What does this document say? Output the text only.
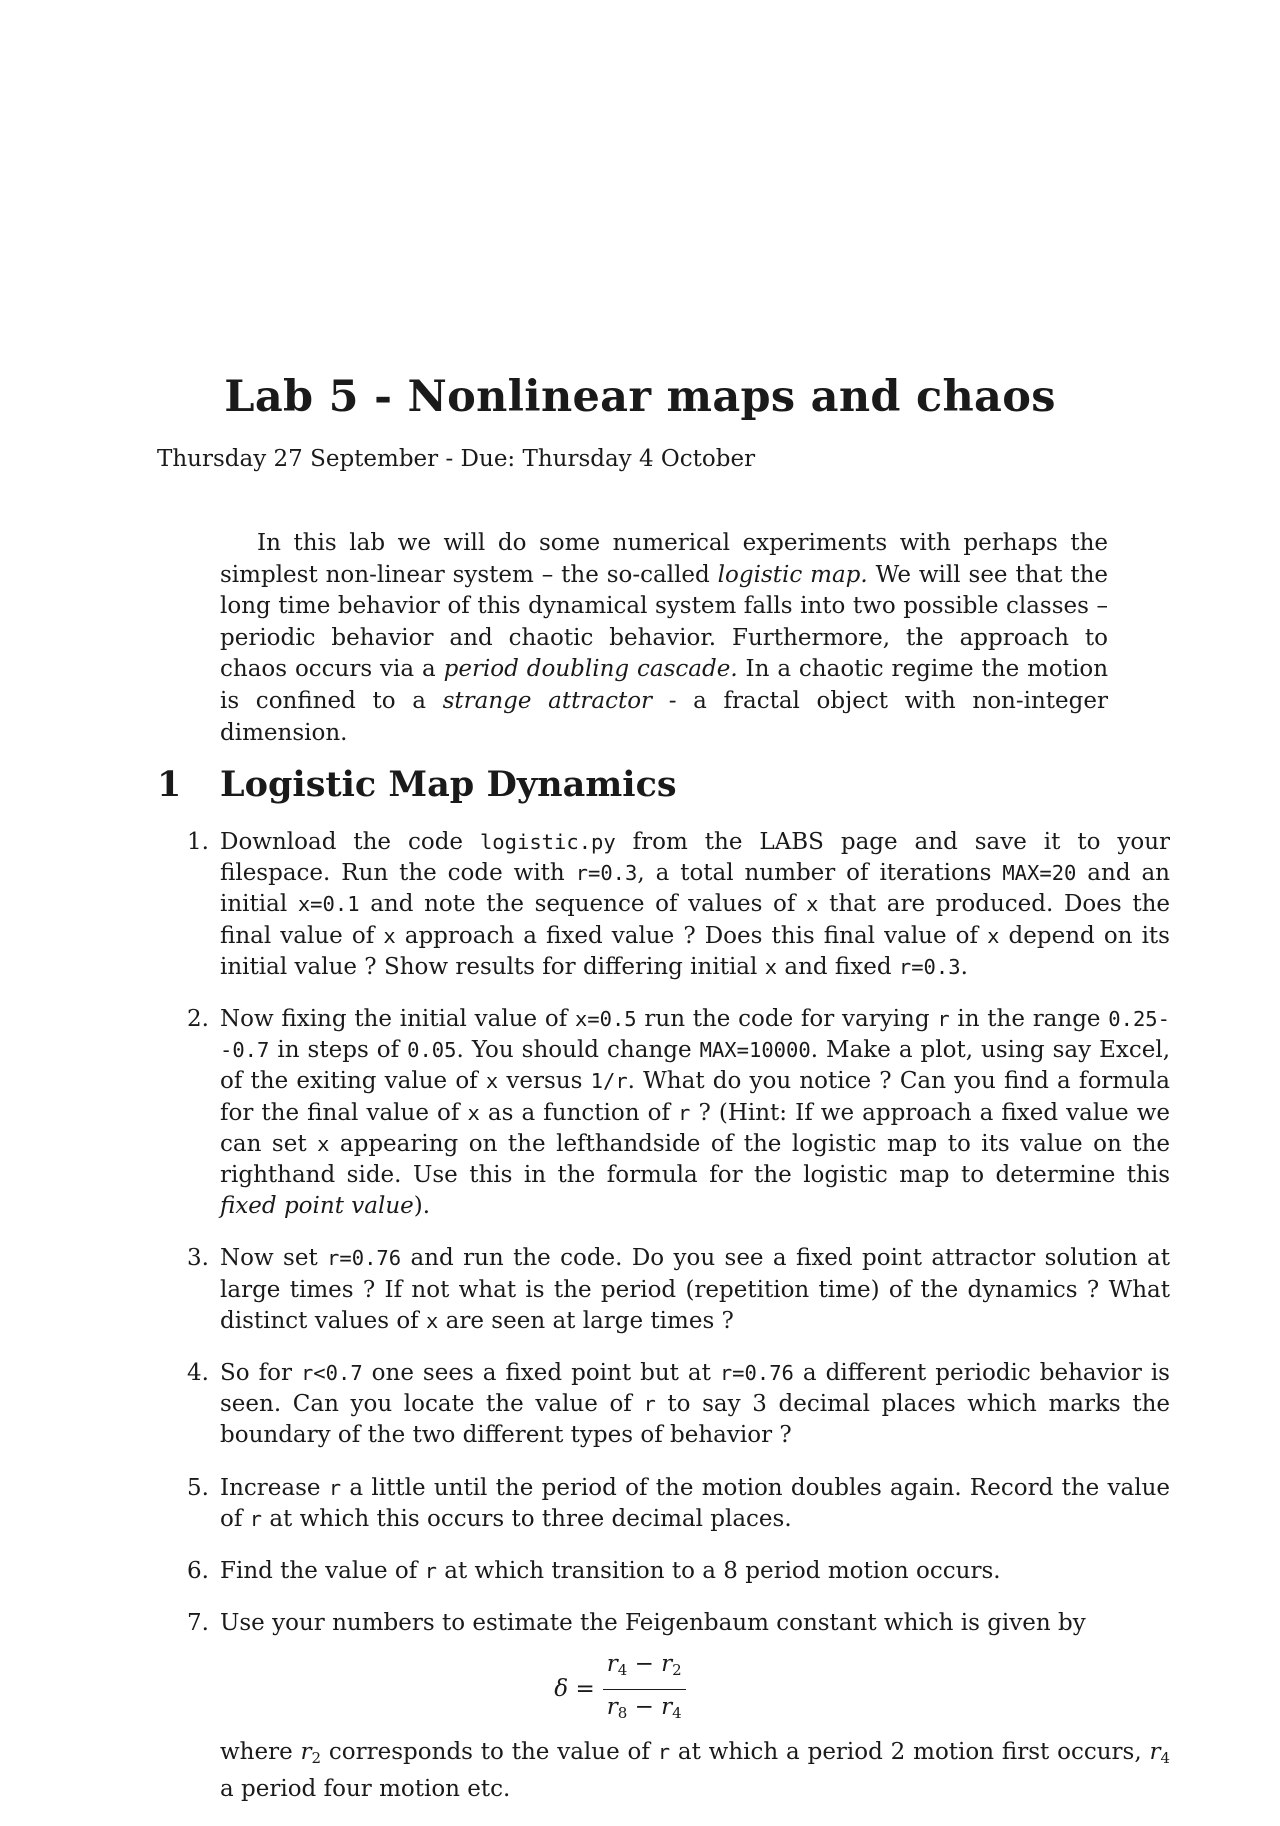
Lab 5 - Nonlinear maps and chaos
Thursday 27 September - Due: Thursday 4 October

In this lab we will do some numerical experiments with perhaps the simplest non-linear system – the so-called logistic map. We will see that the long time behavior of this dynamical system falls into two possible classes – periodic behavior and chaotic behavior. Furthermore, the approach to chaos occurs via a period doubling cascade. In a chaotic regime the motion is confined to a strange attractor - a fractal object with non-integer dimension.

1 Logistic Map Dynamics
1. Download the code logistic.py from the LABS page and save it to your filespace. Run the code with r=0.3, a total number of iterations MAX=20 and an initial x=0.1 and note the sequence of values of x that are produced. Does the final value of x approach a fixed value ? Does this final value of x depend on its initial value ? Show results for differing initial x and fixed r=0.3.
2. Now fixing the initial value of x=0.5 run the code for varying r in the range 0.25--0.7 in steps of 0.05. You should change MAX=10000. Make a plot, using say Excel, of the exiting value of x versus 1/r. What do you notice ? Can you find a formula for the final value of x as a function of r ? (Hint: If we approach a fixed value we can set x appearing on the lefthandside of the logistic map to its value on the righthand side. Use this in the formula for the logistic map to determine this fixed point value).
3. Now set r=0.76 and run the code. Do you see a fixed point attractor solution at large times ? If not what is the period (repetition time) of the dynamics ? What distinct values of x are seen at large times ?
4. So for r<0.7 one sees a fixed point but at r=0.76 a different periodic behavior is seen. Can you locate the value of r to say 3 decimal places which marks the boundary of the two different types of behavior ?
5. Increase r a little until the period of the motion doubles again. Record the value of r at which this occurs to three decimal places.
6. Find the value of r at which transition to a 8 period motion occurs.
7. Use your numbers to estimate the Feigenbaum constant which is given by
$\delta = \frac{r_4 - r_2}{r_8 - r_4}$
where $r_2$ corresponds to the value of r at which a period 2 motion first occurs, $r_4$ a period four motion etc.
